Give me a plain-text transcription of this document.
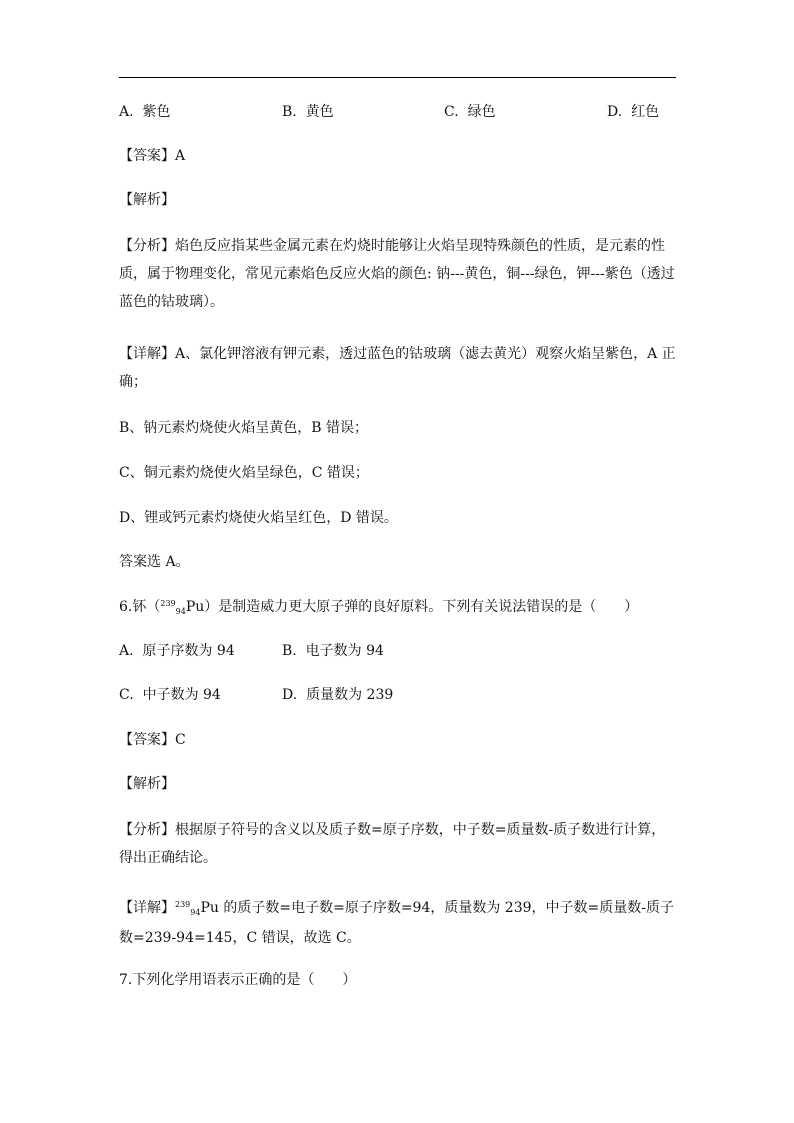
A. 紫色	B. 黄色	C. 绿色	D. 红色
【答案】A
【解析】
【分析】焰色反应指某些金属元素在灼烧时能够让火焰呈现特殊颜色的性质，是元素的性质，属于物理变化，常见元素焰色反应火焰的颜色: 钠---黄色，铜---绿色，钾---紫色（透过蓝色的钴玻璃）。
【详解】A、氯化钾溶液有钾元素，透过蓝色的钴玻璃（滤去黄光）观察火焰呈紫色，A 正确；
B、钠元素灼烧使火焰呈黄色，B 错误；
C、铜元素灼烧使火焰呈绿色，C 错误；
D、锂或钙元素灼烧使火焰呈红色，D 错误。
答案选 A。
6.钚（$^{239}_{94}$Pu）是制造威力更大原子弹的良好原料。下列有关说法错误的是（　　）
A. 原子序数为 94	B. 电子数为 94
C. 中子数为 94	D. 质量数为 239
【答案】C
【解析】
【分析】根据原子符号的含义以及质子数=原子序数，中子数=质量数-质子数进行计算，得出正确结论。
【详解】$^{239}_{94}$Pu 的质子数=电子数=原子序数=94，质量数为 239，中子数=质量数-质子数=239-94=145，C 错误，故选 C。
7.下列化学用语表示正确的是（　　）
